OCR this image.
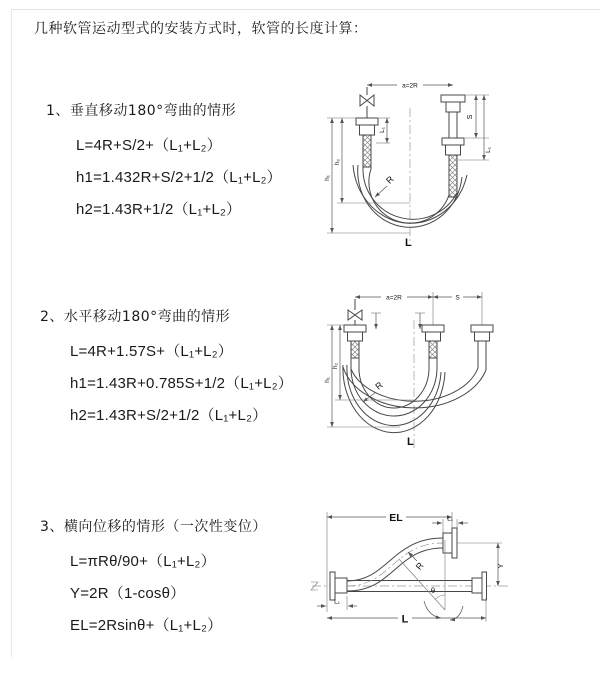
几种软管运动型式的安装方式时，软管的长度计算：
1、垂直移动180°弯曲的情形
L=4R+S/2+（L₁+L₂）
h1=1.432R+S/2+1/2（L₁+L₂）
h2=1.43R+1/2（L₁+L₂）
2、水平移动180°弯曲的情形
L=4R+1.57S+（L₁+L₂）
h1=1.43R+0.785S+1/2（L₁+L₂）
h2=1.43R+S/2+1/2（L₁+L₂）
3、横向位移的情形（一次性变位）
L=πRθ/90+（L₁+L₂）
Y=2R（1-cosθ）
EL=2Rsinθ+（L₁+L₂）
a=2R
L₁
S
L₁
R
h₁
h₂
L
a=2R	S
R
h₁
h₂
L
EL	L₁
Y
θ
R
L₁
L
